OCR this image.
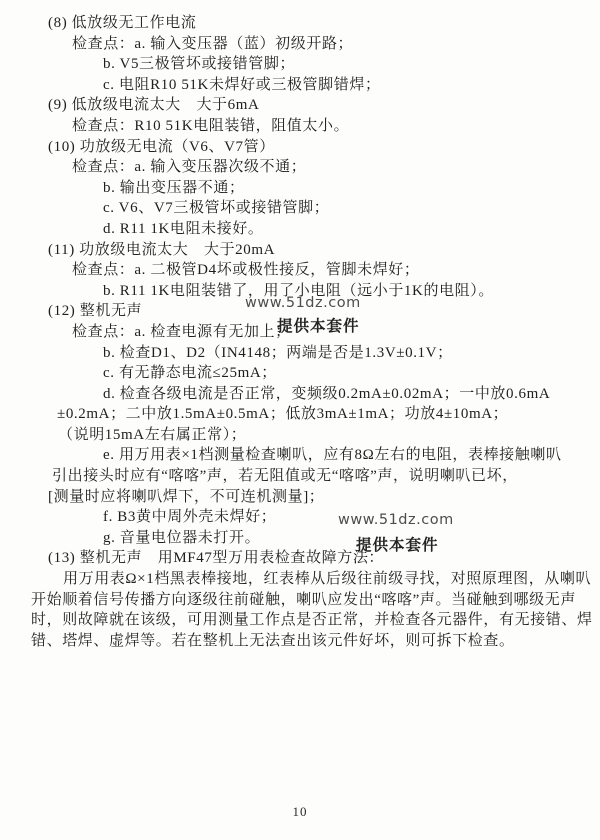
(8) 低放级无工作电流
检查点：a. 输入变压器（蓝）初级开路；
b. V5三极管坏或接错管脚；
c. 电阻R10 51K未焊好或三极管脚错焊；
(9) 低放级电流太大　大于6mA
检查点：R10 51K电阻装错，阻值太小。
(10) 功放级无电流（V6、V7管）
检查点：a. 输入变压器次级不通；
b. 输出变压器不通；
c. V6、V7三极管坏或接错管脚；
d. R11 1K电阻未接好。
(11) 功放级电流太大　大于20mA
检查点：a. 二极管D4坏或极性接反，管脚未焊好；
b. R11 1K电阻装错了，用了小电阻（远小于1K的电阻）。
(12) 整机无声
检查点：a. 检查电源有无加上；
b. 检查D1、D2（IN4148；两端是否是1.3V±0.1V；
c. 有无静态电流≤25mA；
d. 检查各级电流是否正常，变频级0.2mA±0.02mA；一中放0.6mA
±0.2mA；二中放1.5mA±0.5mA；低放3mA±1mA；功放4±10mA；
（说明15mA左右属正常）；
e. 用万用表×1档测量检查喇叭，应有8Ω左右的电阻，表棒接触喇叭
引出接头时应有“喀喀”声，若无阻值或无“喀喀”声，说明喇叭已坏，
[测量时应将喇叭焊下，不可连机测量]；
f. B3黄中周外壳未焊好；
g. 音量电位器未打开。
(13) 整机无声　用MF47型万用表检查故障方法：
用万用表Ω×1档黑表棒接地，红表棒从后级往前级寻找，对照原理图，从喇叭
开始顺着信号传播方向逐级往前碰触，喇叭应发出“喀喀”声。当碰触到哪级无声
时，则故障就在该级，可用测量工作点是否正常，并检查各元器件，有无接错、焊
错、塔焊、虚焊等。若在整机上无法查出该元件好坏，则可拆下检查。
www.51dz.com
提供本套件
www.51dz.com
提供本套件
10
